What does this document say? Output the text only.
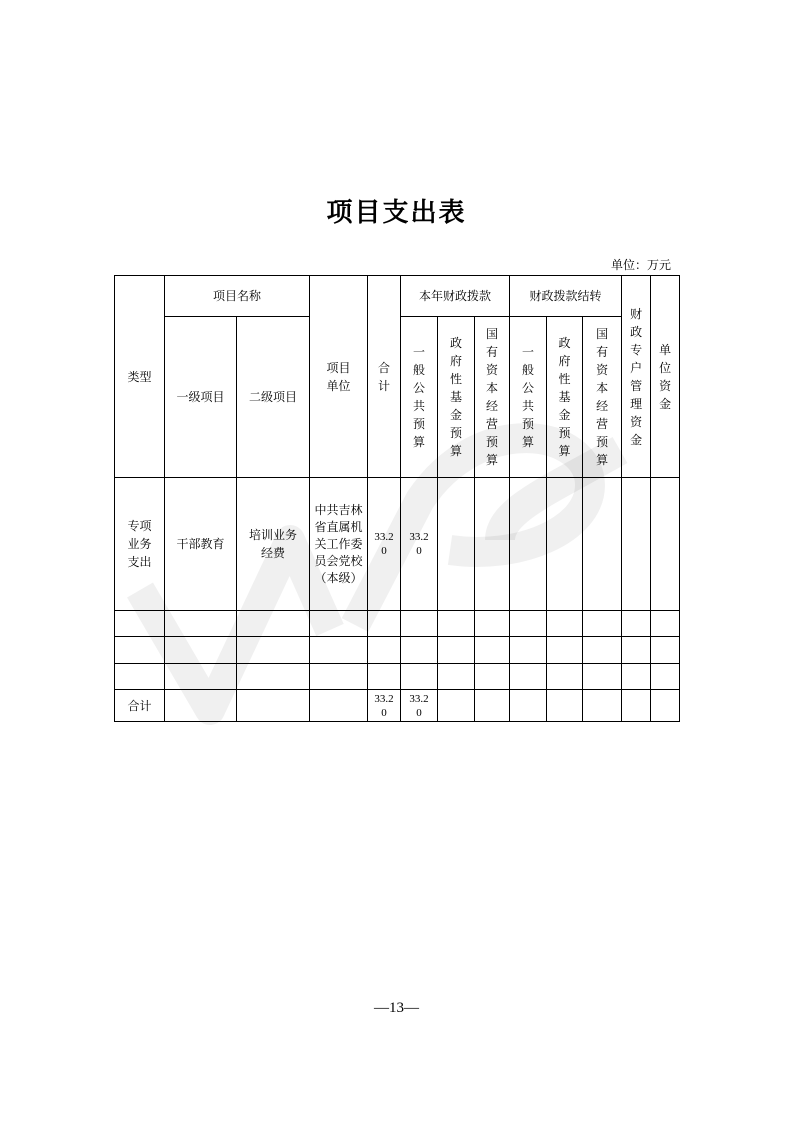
项目支出表
单位：万元
类型	项目名称		项目单位	合计	本年财政拨款			财政拨款结转			财政专户管理资金	单位资金

	一级项目	二级项目			一般公共预算	政府性基金预算	国有资本经营预算	一般公共预算	政府性基金预算	国有资本经营预算		

专项业务支出	干部教育	培训业务经费	中共吉林省直属机关工作委员会党校（本级）	33.20	33.20							

合计				33.20	33.20							

—13—
